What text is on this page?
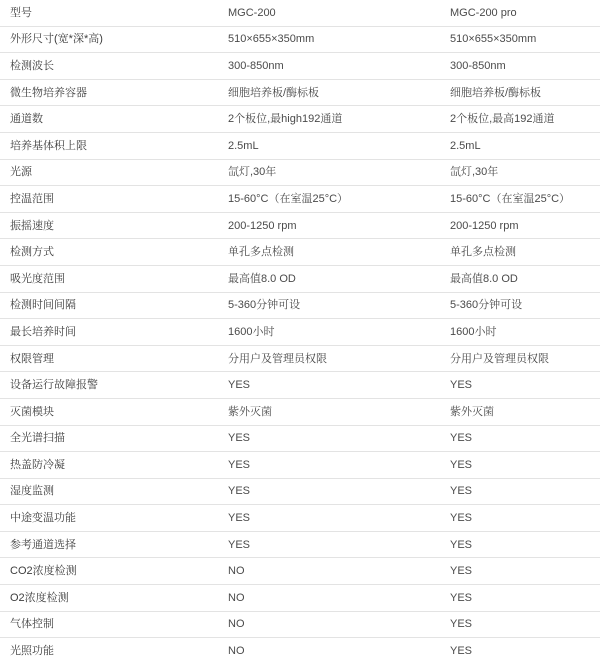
型号	MGC-200	MGC-200 pro
外形尺寸(宽*深*高)	510×655×350mm	510×655×350mm
检测波长	300-850nm	300-850nm
微生物培养容器	细胞培养板/酶标板	细胞培养板/酶标板
通道数	2个板位,最high192通道	2个板位,最高192通道
培养基体积上限	2.5mL	2.5mL
光源	氙灯,30年	氙灯,30年
控温范围	15-60°C（在室温25°C）	15-60°C（在室温25°C）
振摇速度	200-1250 rpm	200-1250 rpm
检测方式	单孔多点检测	单孔多点检测
吸光度范围	最高值8.0 OD	最高值8.0 OD
检测时间间隔	5-360分钟可设	5-360分钟可设
最长培养时间	1600小时	1600小时
权限管理	分用户及管理员权限	分用户及管理员权限
设备运行故障报警	YES	YES
灭菌模块	紫外灭菌	紫外灭菌
全光谱扫描	YES	YES
热盖防冷凝	YES	YES
湿度监测	YES	YES
中途变温功能	YES	YES
参考通道选择	YES	YES
CO2浓度检测	NO	YES
O2浓度检测	NO	YES
气体控制	NO	YES
光照功能	NO	YES
